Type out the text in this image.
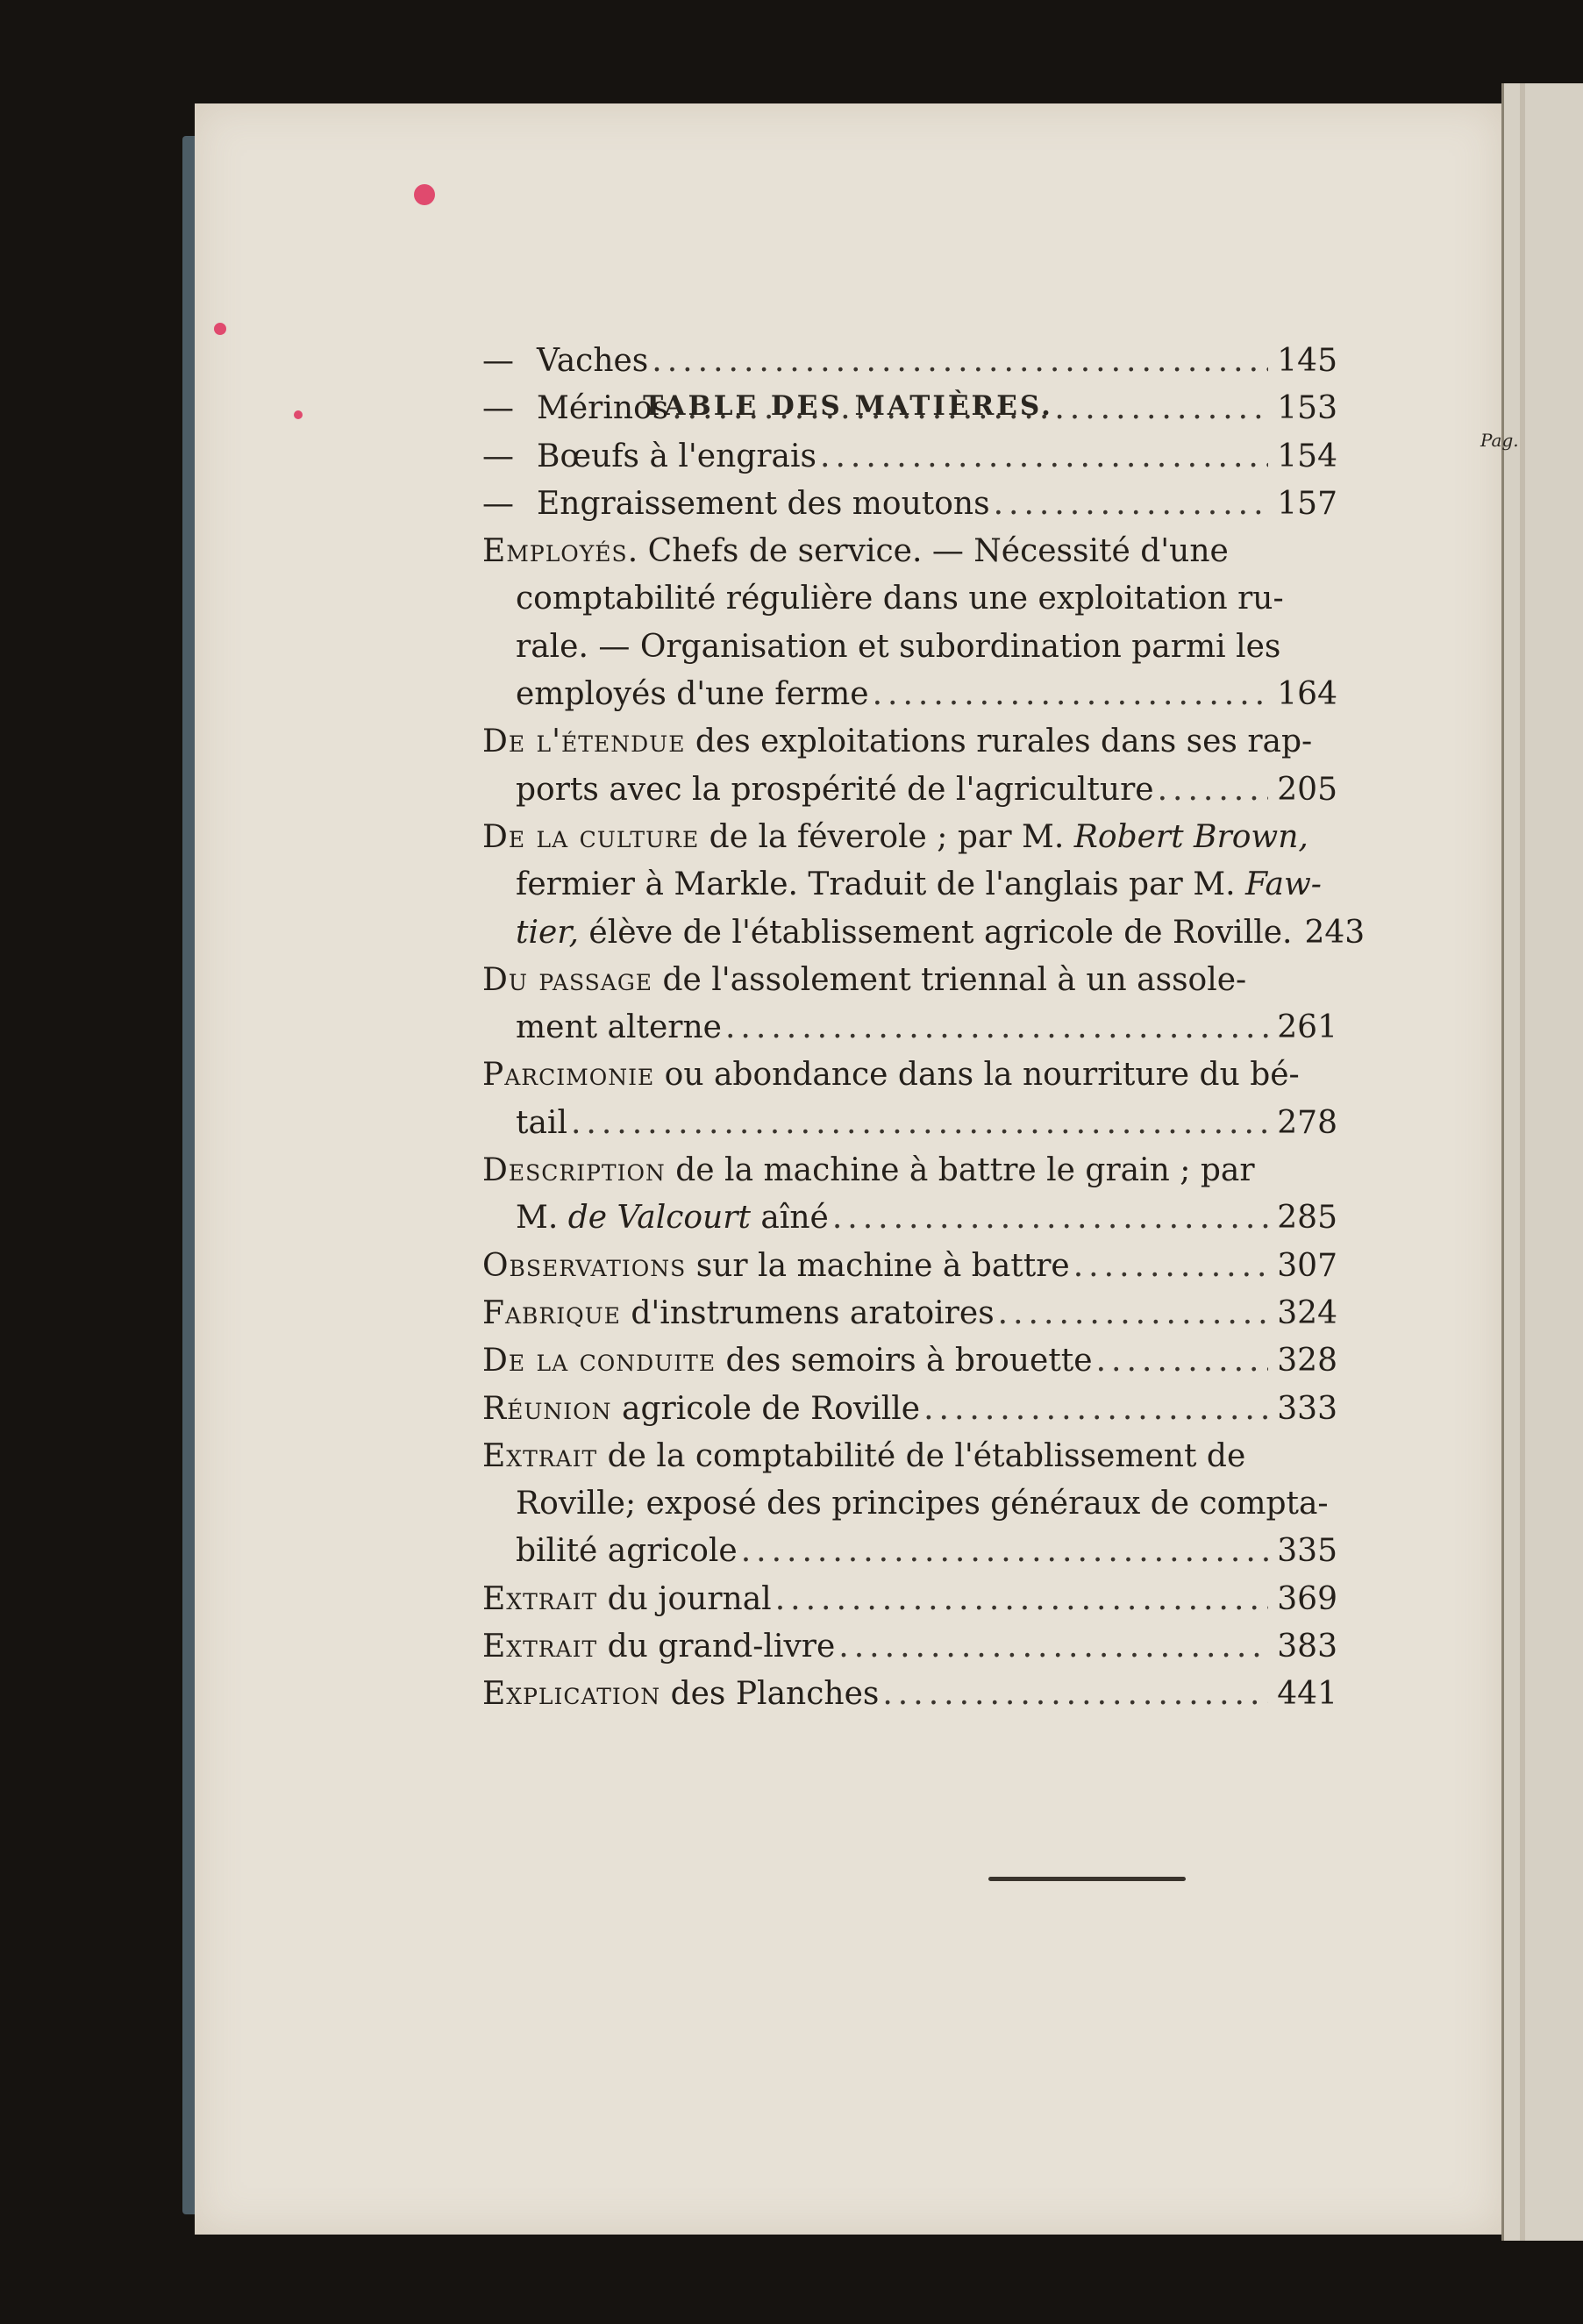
TABLE DES MATIÈRES.
Pag.
— Vaches .....	145
— Mérinos .....	153
— Bœufs à l'engrais .....	154
— Engraissement des moutons .....	157
Employés. Chefs de service. — Nécessité d'une
comptabilité régulière dans une exploitation ru-
rale. — Organisation et subordination parmi les
employés d'une ferme .....	164
De l'étendue des exploitations rurales dans ses rap-
ports avec la prospérité de l'agriculture .....	205
De la culture de la féverole ; par M. Robert Brown,
fermier à Markle. Traduit de l'anglais par M. Faw-
tier, élève de l'établissement agricole de Roville. 243
Du passage de l'assolement triennal à un assole-
ment alterne .....	261
Parcimonie ou abondance dans la nourriture du bé-
tail .....	278
Description de la machine à battre le grain ; par
M. de Valcourt aîné .....	285
Observations sur la machine à battre .....	307
Fabrique d'instrumens aratoires .....	324
De la conduite des semoirs à brouette .....	328
Réunion agricole de Roville .....	333
Extrait de la comptabilité de l'établissement de
Roville; exposé des principes généraux de compta-
bilité agricole .....	335
Extrait du journal .....	369
Extrait du grand-livre .....	383
Explication des Planches .....	441
